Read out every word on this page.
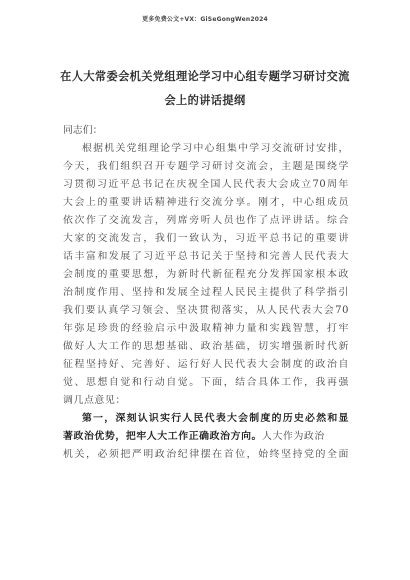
更多免费公文+VX：GiSeGongWen2024
在人大常委会机关党组理论学习中心组专题学习研讨交流
会上的讲话提纲
同志们：
根据机关党组理论学习中心组集中学习交流研讨安排，
今天，我们组织召开专题学习研讨交流会，主题是围绕学
习贯彻习近平总书记在庆祝全国人民代表大会成立70周年
大会上的重要讲话精神进行交流分享。刚才，中心组成员
依次作了交流发言，列席旁听人员也作了点评讲话。综合
大家的交流发言，我们一致认为，习近平总书记的重要讲
话丰富和发展了习近平总书记关于坚持和完善人民代表大
会制度的重要思想，为新时代新征程充分发挥国家根本政
治制度作用、坚持和发展全过程人民民主提供了科学指引
我们要认真学习领会、坚决贯彻落实，从人民代表大会70
年弥足珍贵的经验启示中汲取精神力量和实践智慧，打牢
做好人大工作的思想基础、政治基础，切实增强新时代新
征程坚持好、完善好、运行好人民代表大会制度的政治自
觉、思想自觉和行动自觉。下面，结合具体工作，我再强
调几点意见：
第一，深刻认识实行人民代表大会制度的历史必然和显
著政治优势，把牢人大工作正确政治方向。人大作为政治
机关，必须把严明政治纪律摆在首位，始终坚持党的全面
